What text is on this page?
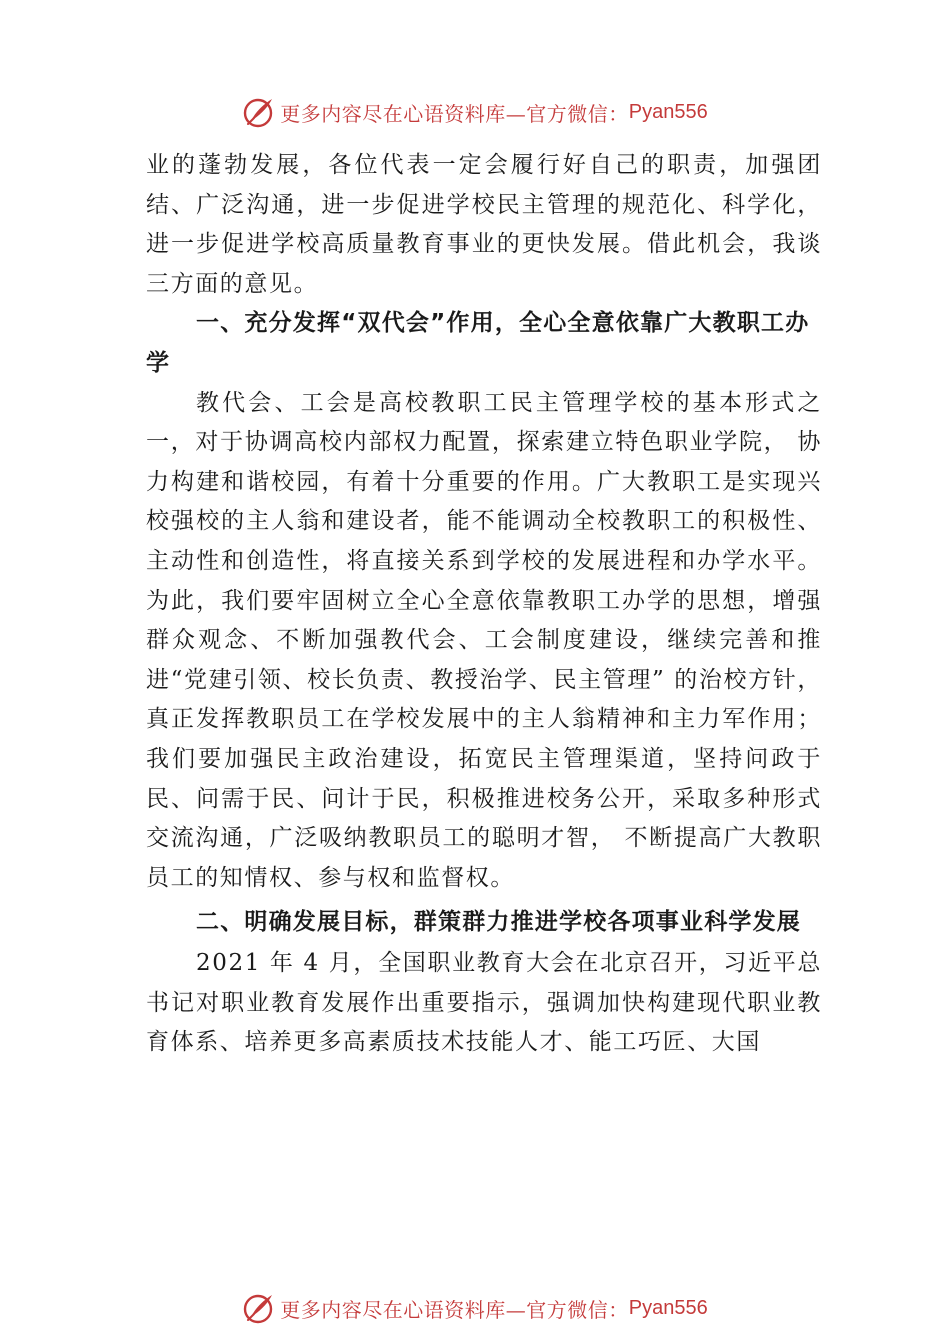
更多内容尽在心语资料库—官方微信： Pyan556

业的蓬勃发展，各位代表一定会履行好自己的职责，加强团结、广泛沟通，进一步促进学校民主管理的规范化、科学化，进一步促进学校高质量教育事业的更快发展。借此机会，我谈三方面的意见。

一、充分发挥“双代会”作用，全心全意依靠广大教职工办学

教代会、工会是高校教职工民主管理学校的基本形式之一，对于协调高校内部权力配置，探索建立特色职业学院， 协力构建和谐校园，有着十分重要的作用。广大教职工是实现兴校强校的主人翁和建设者，能不能调动全校教职工的积极性、主动性和创造性，将直接关系到学校的发展进程和办学水平。为此，我们要牢固树立全心全意依靠教职工办学的思想，增强群众观念、不断加强教代会、工会制度建设，继续完善和推进“党建引领、校长负责、教授治学、民主管理” 的治校方针，真正发挥教职员工在学校发展中的主人翁精神和主力军作用；我们要加强民主政治建设，拓宽民主管理渠道，坚持问政于民、问需于民、问计于民，积极推进校务公开，采取多种形式交流沟通，广泛吸纳教职员工的聪明才智， 不断提高广大教职员工的知情权、参与权和监督权。

二、明确发展目标，群策群力推进学校各项事业科学发展

2021 年 4 月，全国职业教育大会在北京召开，习近平总书记对职业教育发展作出重要指示，强调加快构建现代职业教育体系、培养更多高素质技术技能人才、能工巧匠、大国

更多内容尽在心语资料库—官方微信： Pyan556
